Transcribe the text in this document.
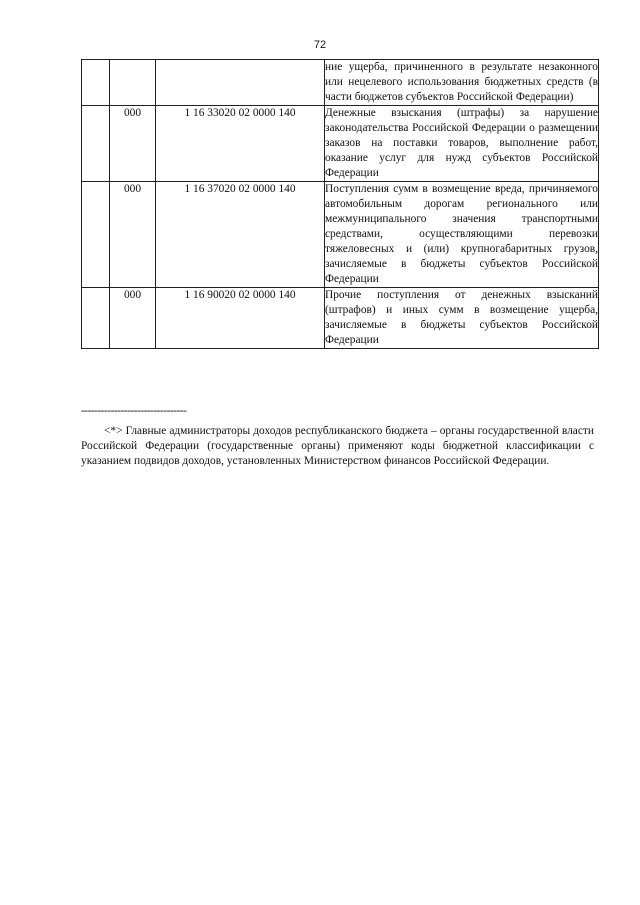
72
			ние ущерба, причиненного в результате незаконного или нецелевого использования бюджетных средств (в части бюджетов субъектов Российской Федерации)
	000	1 16 33020 02 0000 140	Денежные взыскания (штрафы) за нарушение законодательства Российской Федерации о размещении заказов на поставки товаров, выполнение работ, оказание услуг для нужд субъектов Российской Федерации
	000	1 16 37020 02 0000 140	Поступления сумм в возмещение вреда, причиняемого автомобильным дорогам регионального или межмуниципального значения транспортными средствами, осуществляющими перевозки тяжеловесных и (или) крупногабаритных грузов, зачисляемые в бюджеты субъектов Российской Федерации
	000	1 16 90020 02 0000 140	Прочие поступления от денежных взысканий (штрафов) и иных сумм в возмещение ущерба, зачисляемые в бюджеты субъектов Российской Федерации
--------------------------------
<*> Главные администраторы доходов республиканского бюджета – органы государственной власти Российской Федерации (государственные органы) применяют коды бюджетной классификации с указанием подвидов доходов, установленных Министерством финансов Российской Федерации.
